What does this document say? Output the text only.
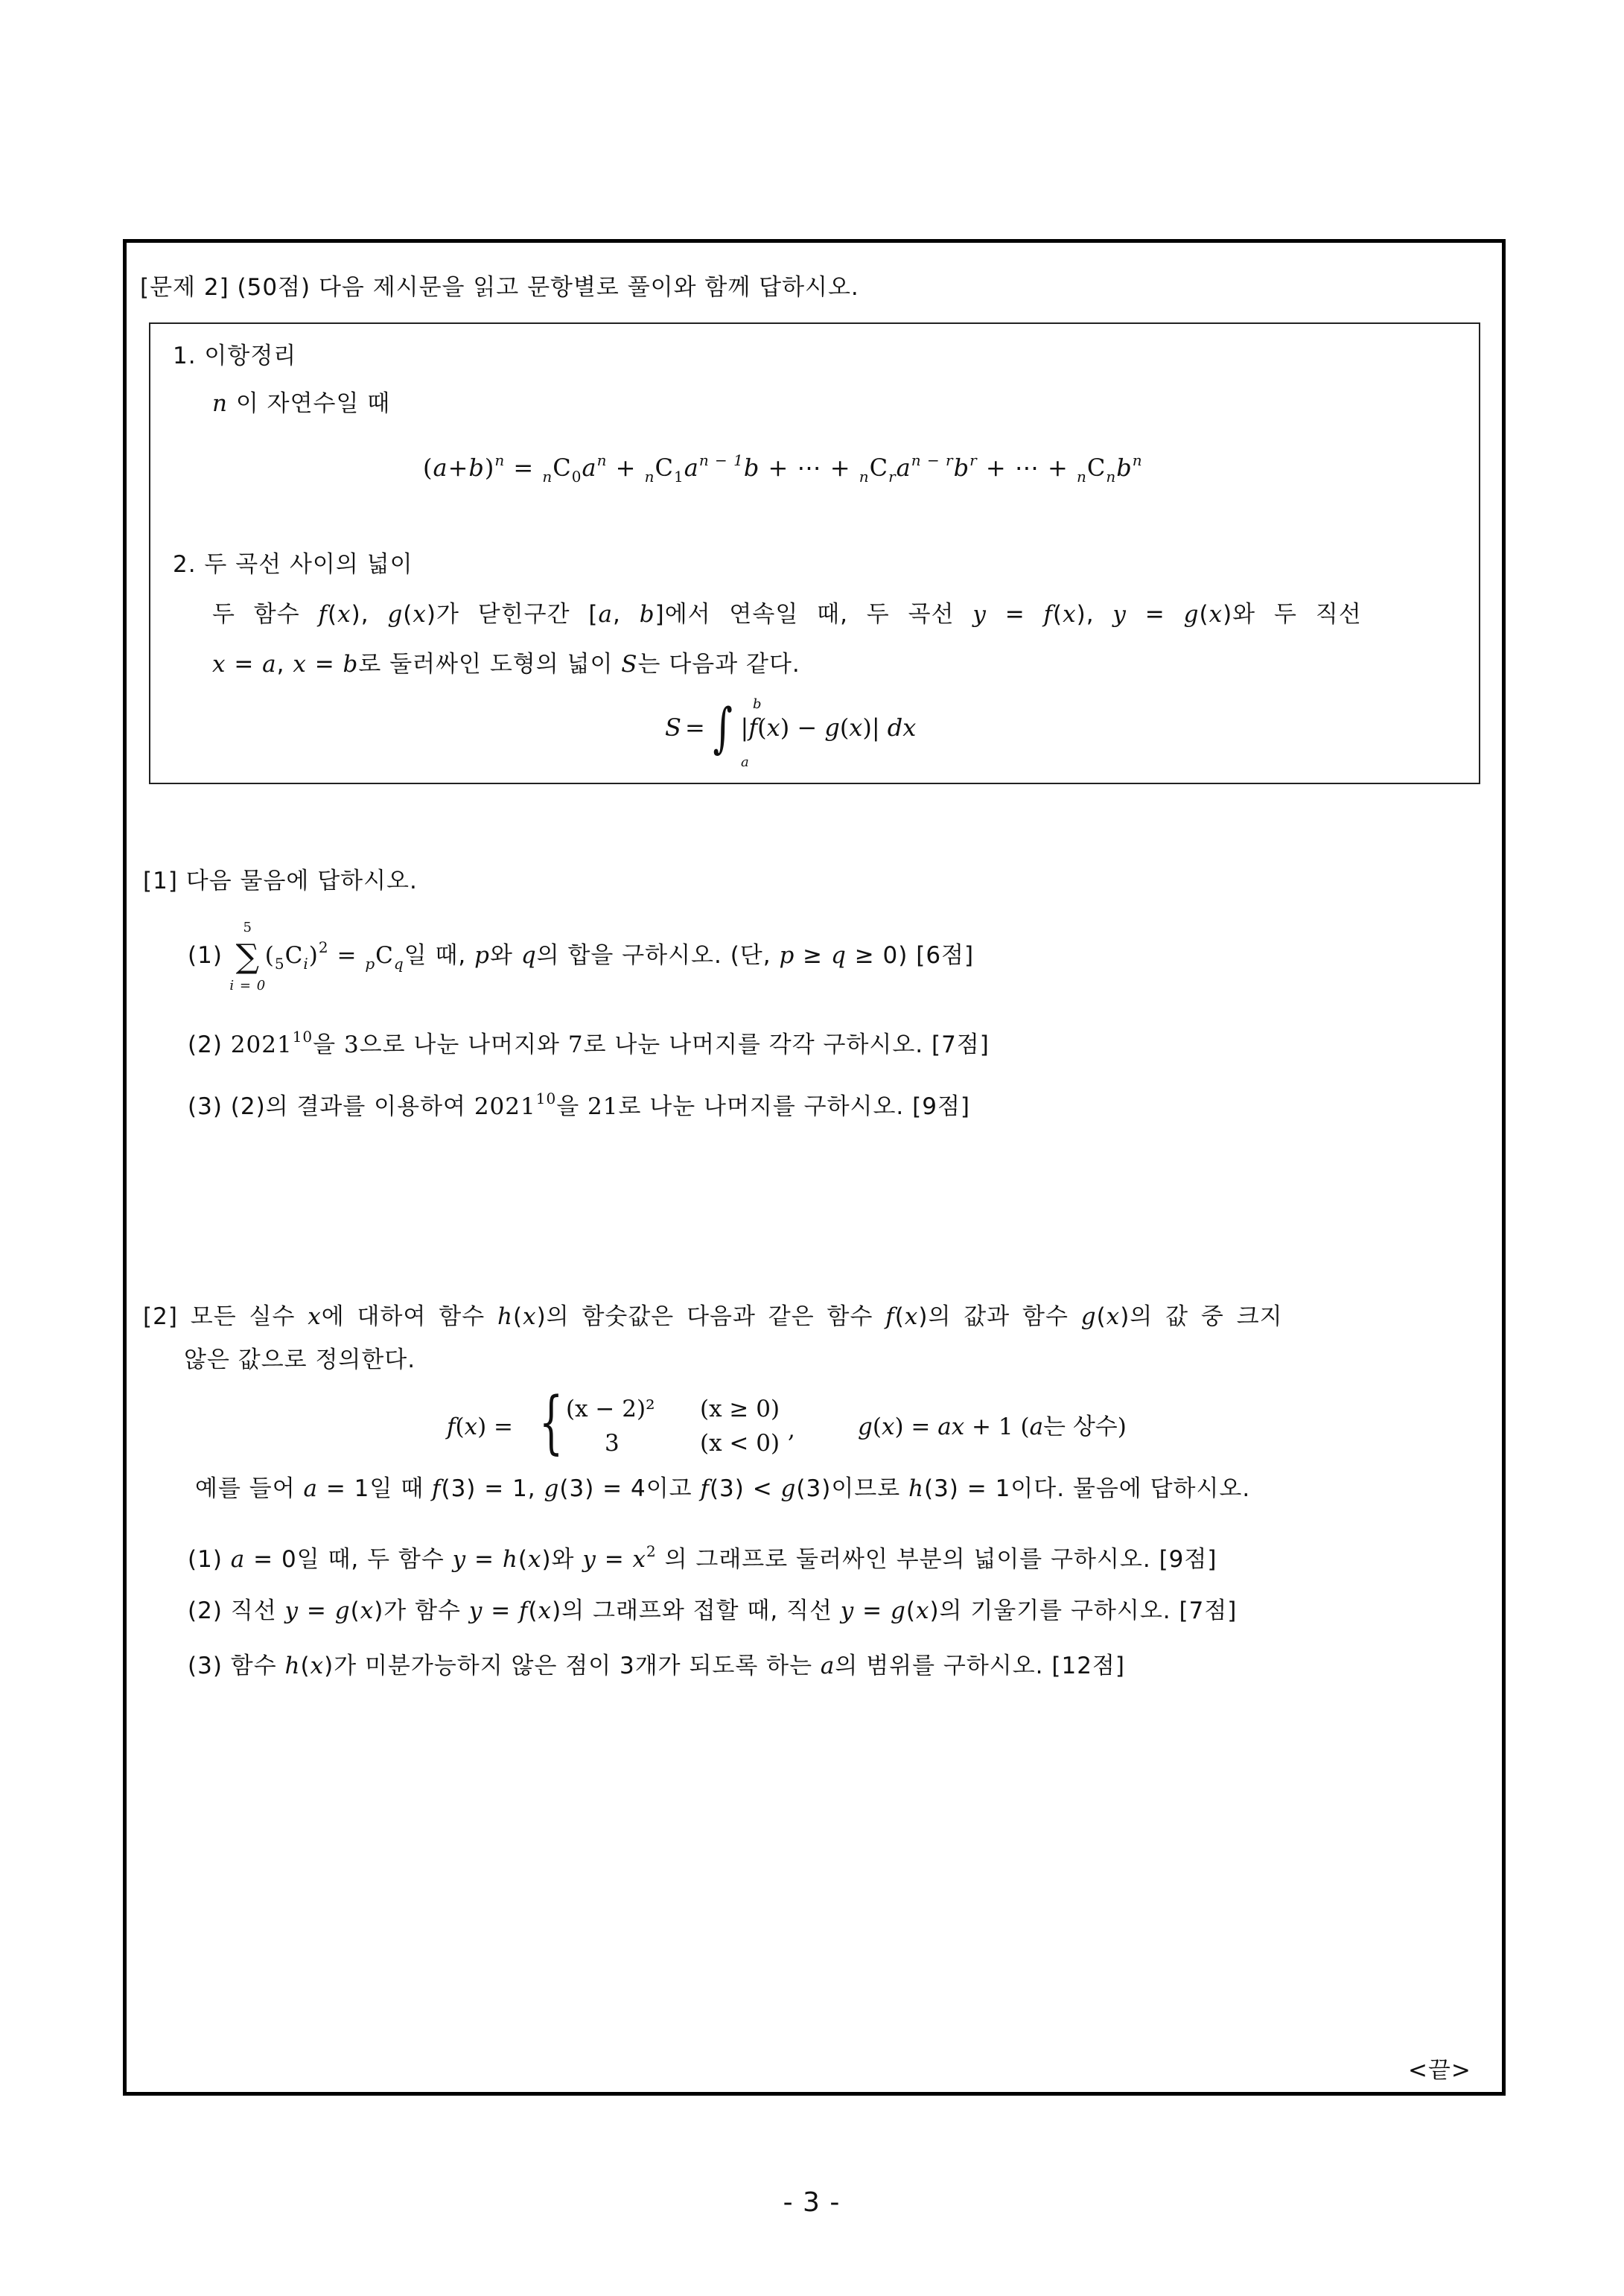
[문제 2] (50점) 다음 제시문을 읽고 문항별로 풀이와 함께 답하시오.
1. 이항정리
n 이 자연수일 때
$(a+b)^n = _nC_0a^n + _nC_1a^{n - 1}b$ + ⋯ + $_nC_ra^{n - r}b^r$ + ⋯ + $_nC_nb^n$
2. 두 곡선 사이의 넓이
두 함수 f(x), g(x)가 닫힌구간 [a, b]에서 연속일 때, 두 곡선 y = f(x), y = g(x)와 두 직선
x = a, x = b로 둘러싸인 도형의 넓이 S는 다음과 같다.
S = ∫ b
a
|f(x) − g(x)| dx
[1] 다음 물음에 답하시오.
(1)
5
∑
i = 0
$(_5C_i)^2 = _pC_q$일 때, p와 q의 합을 구하시오. (단, p ≥ q ≥ 0) [6점]
(2) 2021$^{10}$을 3으로 나눈 나머지와 7로 나눈 나머지를 각각 구하시오. [7점]
(3) (2)의 결과를 이용하여 2021$^{10}$을 21로 나눈 나머지를 구하시오. [9점]
[2] 모든 실수 x에 대하여 함수 h(x)의 함숫값은 다음과 같은 함수 f(x)의 값과 함수 g(x)의 값 중 크지
않은 값으로 정의한다.
f(x) = { (x − 2)² (x ≥ 0)
3	(x < 0) ,	g(x) = ax + 1 (a는 상수)
예를 들어 a = 1일 때 f(3) = 1, g(3) = 4이고 f(3) < g(3)이므로 h(3) = 1이다. 물음에 답하시오.
(1) a = 0일 때, 두 함수 y = h(x)와 $y = x^2$ 의 그래프로 둘러싸인 부분의 넓이를 구하시오. [9점]
(2) 직선 y = g(x)가 함수 y = f(x)의 그래프와 접할 때, 직선 y = g(x)의 기울기를 구하시오. [7점]
(3) 함수 h(x)가 미분가능하지 않은 점이 3개가 되도록 하는 a의 범위를 구하시오. [12점]
<끝>
- 3 -
